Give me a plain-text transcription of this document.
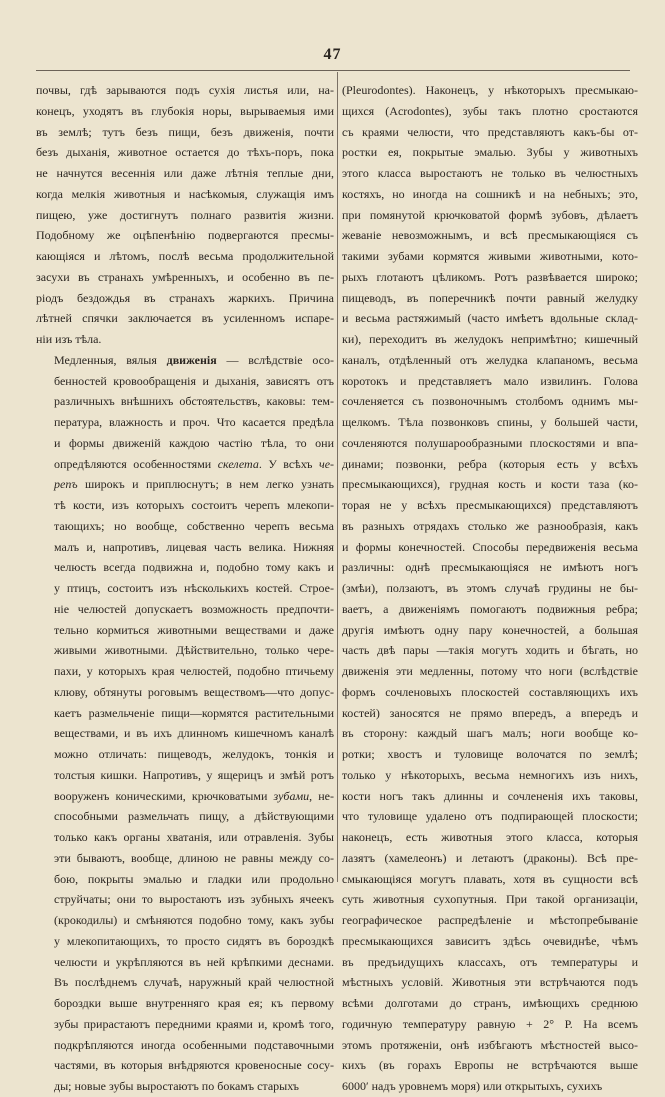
47

почвы, гдѣ зарываются подъ сухія листья или, на-
конецъ, уходятъ въ глубокія норы, вырываемыя ими
въ землѣ; тутъ безъ пищи, безъ движенія, почти
безъ дыханія, животное остается до тѣхъ-поръ, пока
не начнутся весеннія или даже лѣтнія теплые дни,
когда мелкія животныя и насѣкомыя, служащія имъ
пищею, уже достигнутъ полнаго развитія жизни.
Подобному же оцѣпенѣнію подвергаются пресмы-
кающіяся и лѣтомъ, послѣ весьма продолжительной
засухи въ странахъ умѣренныхъ, и особенно въ пе-
ріодъ бездождья въ странахъ жаркихъ. Причина
лѣтней спячки заключается въ усиленномъ испаре-
ніи изъ тѣла.

Медленныя, вялыя движенія — вслѣдствіе осо-
бенностей кровообращенія и дыханія, зависятъ отъ
различныхъ внѣшнихъ обстоятельствъ, каковы: тем-
пература, влажность и проч. Что касается предѣла
и формы движеній каждою частію тѣла, то они
опредѣляются особенностями скелета. У всѣхъ че-
репъ широкъ и приплюснутъ; в нем легко узнать
тѣ кости, изъ которыхъ состоитъ черепъ млекопи-
тающихъ; но вообще, собственно черепъ весьма
малъ и, напротивъ, лицевая часть велика. Нижняя
челюсть всегда подвижна и, подобно тому какъ и
у птицъ, состоитъ изъ нѣсколькихъ костей. Строе-
ніе челюстей допускаетъ возможность предпочти-
тельно кормиться животными веществами и даже
живыми животными. Дѣйствительно, только чере-
пахи, у которыхъ края челюстей, подобно птичьему
клюву, обтянуты роговымъ веществомъ—что допус-
каетъ размельченіе пищи—кормятся растительными
веществами, и въ ихъ длинномъ кишечномъ каналѣ
можно отличать: пищеводъ, желудокъ, тонкія и
толстыя кишки. Напротивъ, у ящерицъ и змѣй ротъ
вооруженъ коническими, крючковатыми зубами, не-
способными размельчать пищу, а дѣйствующими
только какъ органы хватанія, или отравленія. Зубы
эти бываютъ, вообще, длиною не равны между со-
бою, покрыты эмалью и гладки или продольно
струйчаты; они то выростаютъ изъ зубныхъ ячеекъ
(крокодилы) и смѣняются подобно тому, какъ зубы
у млекопитающихъ, то просто сидятъ въ бороздкѣ
челюсти и укрѣпляются въ ней крѣпкими деснами.
Въ послѣднемъ случаѣ, наружный край челюстной
бороздки выше внутренняго края ея; къ первому
зубы прирастаютъ передними краями и, кромѣ того,
подкрѣпляются иногда особенными подставочными
частями, въ которыя внѣдряются кровеносные сосу-
ды; новые зубы выростаютъ по бокамъ старыхъ

(Pleurodontes). Наконецъ, у нѣкоторыхъ пресмыкаю-
щихся (Acrodontes), зубы такъ плотно сростаются
съ краями челюсти, что представляютъ какъ-бы от-
ростки ея, покрытые эмалью. Зубы у животныхъ
этого класса выростаютъ не только въ челюстныхъ
костяхъ, но иногда на сошникѣ и на небныхъ; это,
при помянутой крючковатой формѣ зубовъ, дѣлаетъ
жеваніе невозможнымъ, и всѣ пресмыкающіяся съ
такими зубами кормятся живыми животными, кото-
рыхъ глотаютъ цѣликомъ. Ротъ развѣвается широко;
пищеводъ, въ поперечникѣ почти равный желудку
и весьма растяжимый (часто имѣетъ вдольные склад-
ки), переходитъ въ желудокъ непримѣтно; кишечный
каналъ, отдѣленный отъ желудка клапаномъ, весьма
коротокъ и представляетъ мало извилинъ. Голова
сочленяется съ позвоночнымъ столбомъ однимъ мы-
щелкомъ. Тѣла позвонковъ спины, у большей части,
сочленяются полушарообразными плоскостями и впа-
динами; позвонки, ребра (которыя есть у всѣхъ
пресмыкающихся), грудная кость и кости таза (ко-
торая не у всѣхъ пресмыкающихся) представляютъ
въ разныхъ отрядахъ столько же разнообразія, какъ
и формы конечностей. Способы передвиженія весьма
различны: однѣ пресмыкающіяся не имѣютъ ногъ
(змѣи), ползаютъ, въ этомъ случаѣ грудины не бы-
ваетъ, а движеніямъ помогаютъ подвижныя ребра;
другія имѣютъ одну пару конечностей, а большая
часть двѣ пары —такія могутъ ходить и бѣгать, но
движенія эти медленны, потому что ноги (вслѣдствіе
формъ сочленовыхъ плоскостей составляющихъ ихъ
костей) заносятся не прямо впередъ, а впередъ и
въ сторону: каждый шагъ малъ; ноги вообще ко-
ротки; хвостъ и туловище волочатся по землѣ;
только у нѣкоторыхъ, весьма немногихъ изъ нихъ,
кости ногъ такъ длинны и сочлененія ихъ таковы,
что туловище удалено отъ подпирающей плоскости;
наконецъ, есть животныя этого класса, которыя
лазятъ (хамелеонъ) и летаютъ (драконы). Всѣ пре-
смыкающіяся могутъ плавать, хотя въ сущности всѣ
суть животныя сухопутныя. При такой организаціи,
географическое распредѣленіе и мѣстопребываніе
пресмыкающихся зависитъ здѣсь очевиднѣе, чѣмъ
въ предъидущихъ классахъ, отъ температуры и
мѣстныхъ условій. Животныя эти встрѣчаются подъ
всѣми долготами до странъ, имѣющихъ среднюю
годичную температуру равную + 2° Р. На всемъ
этомъ протяженіи, онѣ избѣгаютъ мѣстностей высо-
кихъ (въ горахъ Европы не встрѣчаются выше
6000′ надъ уровнемъ моря) или открытыхъ, сухихъ
